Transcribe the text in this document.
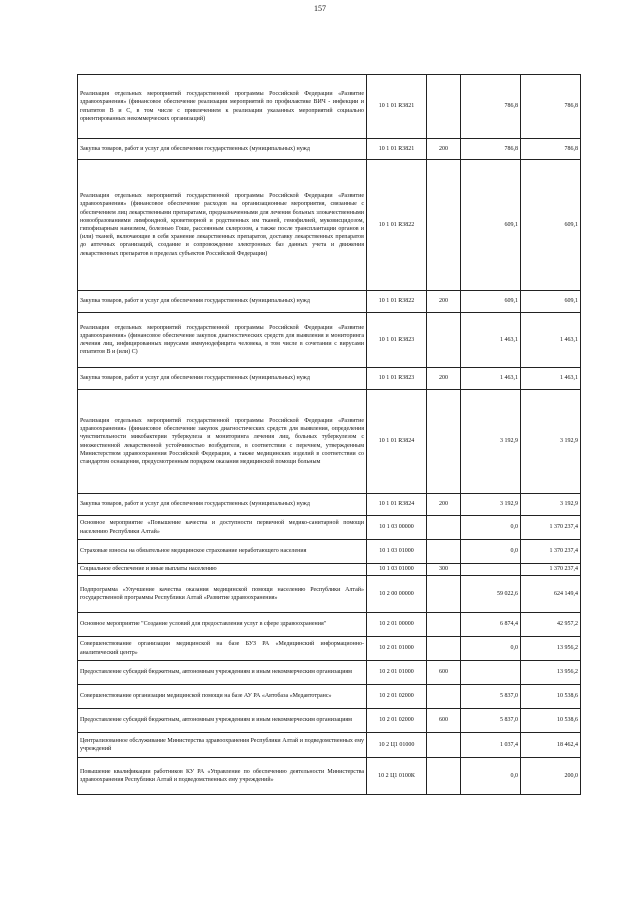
157
Реализация отдельных мероприятий государственной программы Российской Федерации «Развитие здравоохранения» (финансовое обеспечение реализации мероприятий по профилактике ВИЧ - инфекции и гепатитов В и С, в том числе с привлечением к реализации указанных мероприятий социально ориентированных некоммерческих организаций)	10 1 01 R3821		786,8	786,8
Закупка товаров, работ и услуг для обеспечения государственных (муниципальных) нужд	10 1 01 R3821	200	786,8	786,8
Реализация отдельных мероприятий государственной программы Российской Федерации «Развитие здравоохранения» (финансовое обеспечение расходов на организационные мероприятия, связанные с обеспечением лиц лекарственными препаратами, предназначенными для лечения больных злокачественными новообразованиями лимфоидной, кроветворной и родственных им тканей, гемофилией, муковисцидозом, гипофизарным нанизмом, болезнью Гоше, рассеянным склерозом, а также после трансплантации органов и (или) тканей, включающие в себя хранение лекарственных препаратов, доставку лекарственных препаратов до аптечных организаций, создание и сопровождение электронных баз данных учета и движения лекарственных препаратов в пределах субъектов Российской Федерации)	10 1 01 R3822		609,1	609,1
Закупка товаров, работ и услуг для обеспечения государственных (муниципальных) нужд	10 1 01 R3822	200	609,1	609,1
Реализация отдельных мероприятий государственной программы Российской Федерации «Развитие здравоохранения» (финансовое обеспечение закупок диагностических средств для выявления и мониторинга лечения лиц, инфицированных вирусами иммунодефицита человека, в том числе в сочетании с вирусами гепатитов В и (или) С)	10 1 01 R3823		1 463,1	1 463,1
Закупка товаров, работ и услуг для обеспечения государственных (муниципальных) нужд	10 1 01 R3823	200	1 463,1	1 463,1
Реализация отдельных мероприятий государственной программы Российской Федерации «Развитие здравоохранения» (финансовое обеспечение закупок диагностических средств для выявления, определения чувствительности микобактерии туберкулеза и мониторинга лечения лиц, больных туберкулезом с множественной лекарственной устойчивостью возбудителя, в соответствии с перечнем, утвержденным Министерством здравоохранения Российской Федерации, а также медицинских изделий в соответствии со стандартом оснащения, предусмотренным порядком оказания медицинской помощи больным	10 1 01 R3824		3 192,9	3 192,9
Закупка товаров, работ и услуг для обеспечения государственных (муниципальных) нужд	10 1 01 R3824	200	3 192,9	3 192,9
Основное мероприятие «Повышение качества и доступности первичной медико-санитарной помощи населению Республики Алтай»	10 1 03 00000		0,0	1 370 237,4
Страховые взносы на обязательное медицинское страхование неработающего населения	10 1 03 01000		0,0	1 370 237,4
Социальное обеспечение и иные выплаты населению	10 1 03 01000	300		1 370 237,4
Подпрограмма «Улучшение качества оказания медицинской помощи населению Республики Алтай» государственной программы Республики Алтай «Развитие здравоохранения»	10 2 00 00000		59 022,6	624 149,4
Основное мероприятие "Создание условий для предоставления услуг в сфере здравоохранения"	10 2 01 00000		6 874,4	42 957,2
Совершенствование организации медицинской на базе БУЗ РА «Медицинский информационно-аналитический центр»	10 2 01 01000		0,0	13 956,2
Предоставление субсидий бюджетным, автономным учреждениям и иным некоммерческим организациям	10 2 01 01000	600		13 956,2
Совершенствование организации медицинской помощи на базе АУ РА «Автобаза «Медавтотранс»	10 2 01 02000		5 837,0	10 538,6
Предоставление субсидий бюджетным, автономным учреждениям и иным некоммерческим организациям	10 2 01 02000	600	5 837,0	10 538,6
Централизованное обслуживание Министерства здравоохранения Республики Алтай и подведомственных ему учреждений	10 2 Ц1 01000		1 037,4	18 462,4
Повышение квалификации работников КУ РА «Управление по обеспечению деятельности Министерства здравоохранения Республики Алтай и подведомственных ему учреждений»	10 2 Ц1 0100К		0,0	200,0
